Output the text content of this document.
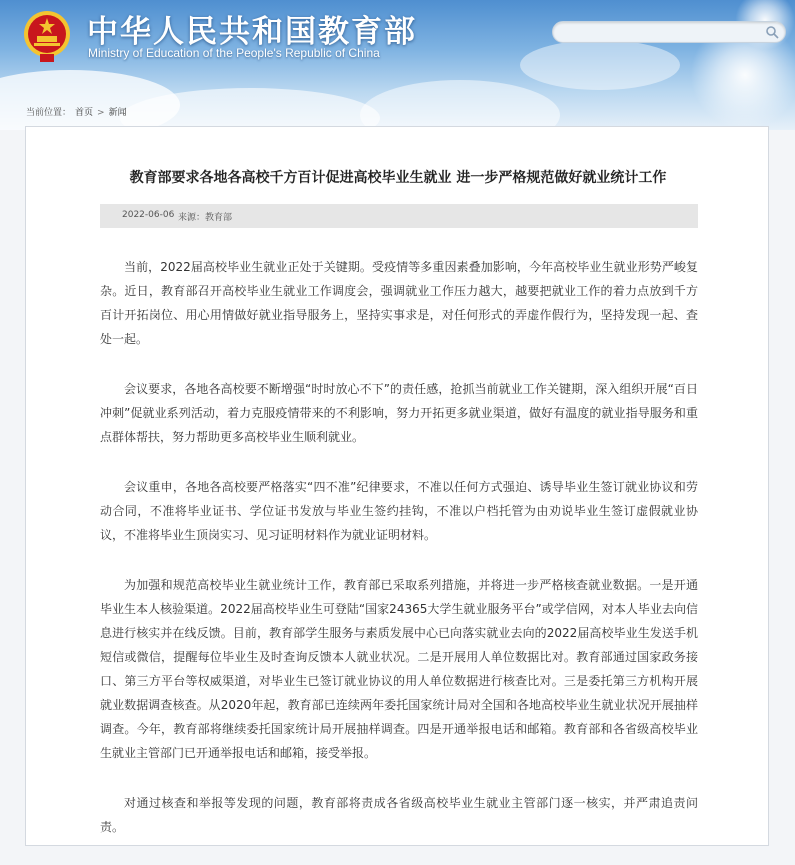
中华人民共和国教育部
Ministry of Education of the People's Republic of China
当前位置： 首页 > 新闻
教育部要求各地各高校千方百计促进高校毕业生就业 进一步严格规范做好就业统计工作
2022-06-06 来源：教育部

当前，2022届高校毕业生就业正处于关键期。受疫情等多重因素叠加影响，今年高校毕业生就业形势严峻复杂。近日，教育部召开高校毕业生就业工作调度会，强调就业工作压力越大，越要把就业工作的着力点放到千方百计开拓岗位、用心用情做好就业指导服务上，坚持实事求是，对任何形式的弄虚作假行为，坚持发现一起、查处一起。

会议要求，各地各高校要不断增强“时时放心不下”的责任感，抢抓当前就业工作关键期，深入组织开展“百日冲刺”促就业系列活动，着力克服疫情带来的不利影响，努力开拓更多就业渠道，做好有温度的就业指导服务和重点群体帮扶，努力帮助更多高校毕业生顺利就业。

会议重申，各地各高校要严格落实“四不准”纪律要求，不准以任何方式强迫、诱导毕业生签订就业协议和劳动合同，不准将毕业证书、学位证书发放与毕业生签约挂钩，不准以户档托管为由劝说毕业生签订虚假就业协议，不准将毕业生顶岗实习、见习证明材料作为就业证明材料。

为加强和规范高校毕业生就业统计工作，教育部已采取系列措施，并将进一步严格核查就业数据。一是开通毕业生本人核验渠道。2022届高校毕业生可登陆“国家24365大学生就业服务平台”或学信网，对本人毕业去向信息进行核实并在线反馈。目前，教育部学生服务与素质发展中心已向落实就业去向的2022届高校毕业生发送手机短信或微信，提醒每位毕业生及时查询反馈本人就业状况。二是开展用人单位数据比对。教育部通过国家政务接口、第三方平台等权威渠道，对毕业生已签订就业协议的用人单位数据进行核查比对。三是委托第三方机构开展就业数据调查核查。从2020年起，教育部已连续两年委托国家统计局对全国和各地高校毕业生就业状况开展抽样调查。今年，教育部将继续委托国家统计局开展抽样调查。四是开通举报电话和邮箱。教育部和各省级高校毕业生就业主管部门已开通举报电话和邮箱，接受举报。

对通过核查和举报等发现的问题，教育部将责成各省级高校毕业生就业主管部门逐一核实，并严肃追责问责。
